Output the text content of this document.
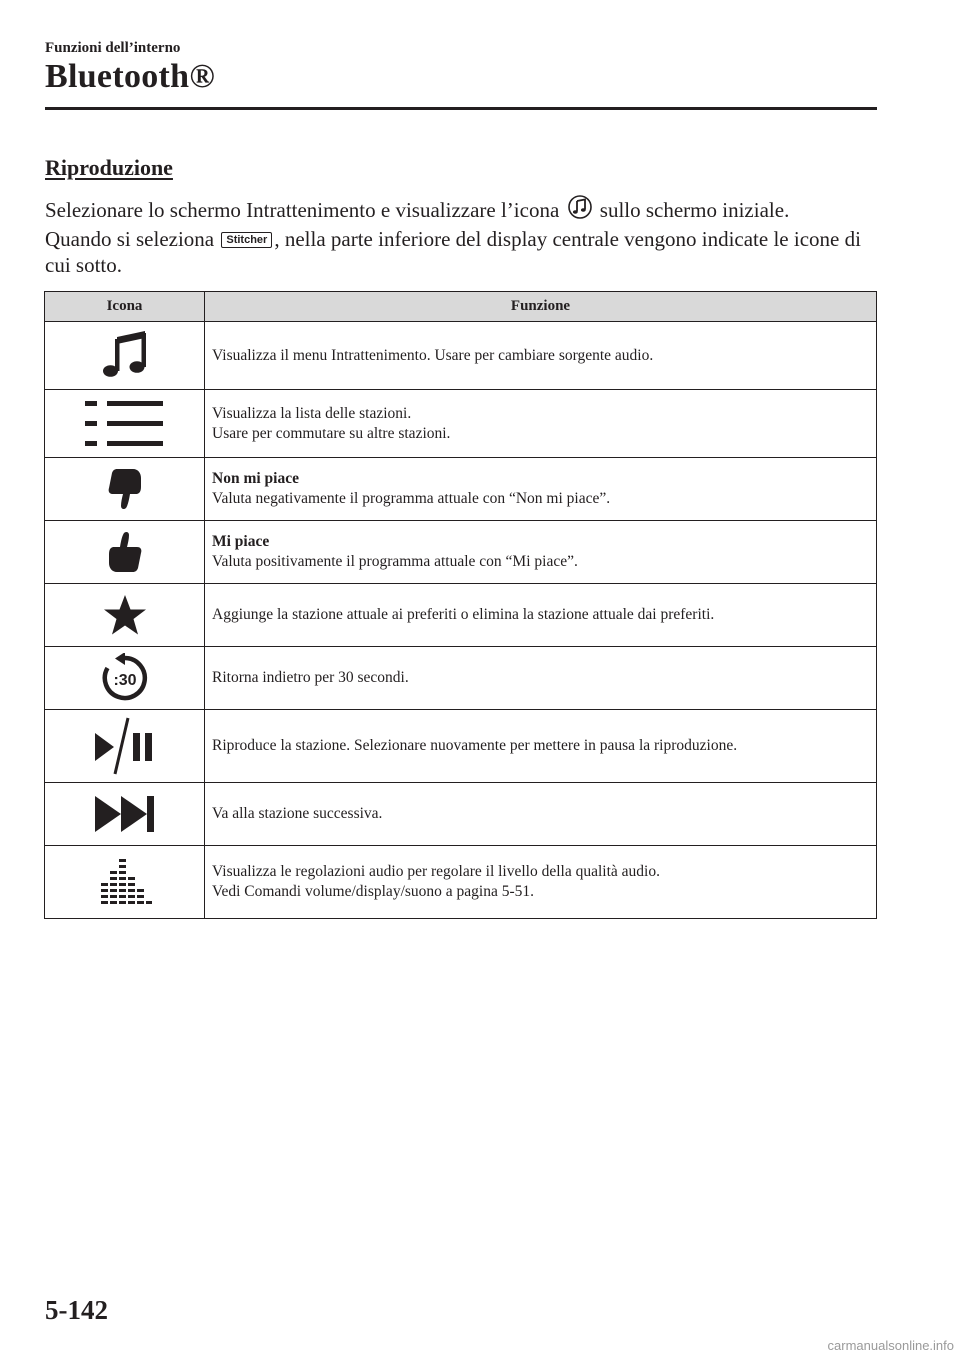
Funzioni dell’interno
Bluetooth®
Riproduzione
Selezionare lo schermo Intrattenimento e visualizzare l’icona sullo schermo iniziale.
Quando si seleziona Stitcher , nella parte inferiore del display centrale vengono indicate le icone di cui sotto.
Icona	Funzione

Visualizza il menu Intrattenimento. Usare per cambiare sorgente audio.

Visualizza la lista delle stazioni.
Usare per commutare su altre stazioni.

Non mi piace
Valuta negativamente il programma attuale con “Non mi piace”.

Mi piace
Valuta positivamente il programma attuale con “Mi piace”.

Aggiunge la stazione attuale ai preferiti o elimina la stazione attuale dai preferiti.

:30	Ritorna indietro per 30 secondi.

Riproduce la stazione. Selezionare nuovamente per mettere in pausa la riproduzione.

Va alla stazione successiva.

Visualizza le regolazioni audio per regolare il livello della qualità audio.
Vedi Comandi volume/display/suono a pagina 5-51.
5-142
carmanualsonline.info
